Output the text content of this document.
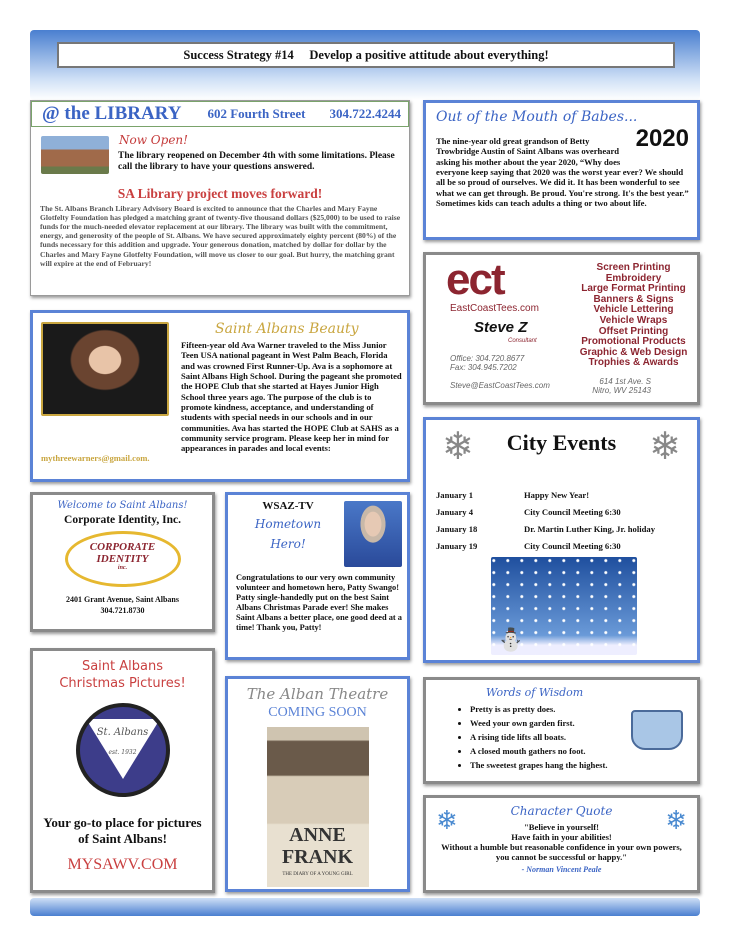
Success Strategy #14     Develop a positive attitude about everything!
@ the LIBRARY 602 Fourth Street 304.722.4244
Now Open!

The library reopened on December 4th with some limitations. Please call the library to have your questions answered.

SA Library project moves forward!

The St. Albans Branch Library Advisory Board is excited to announce that the Charles and Mary Fayne Glotfelty Foundation has pledged a matching grant of twenty-five thousand dollars ($25,000) to be used to raise funds for the much-needed elevator replacement at our library. The library was built with the commitment, energy, and generosity of the people of St. Albans. We have secured approximately eighty percent (80%) of the funds necessary for this addition and upgrade. Your generous donation, matched by dollar for dollar by the Charles and Mary Fayne Glotfelty Foundation, will move us closer to our goal. But hurry, the matching grant will expire at the end of February!

Out of the Mouth of Babes...
2020

The nine-year old great grandson of Betty Trowbridge Austin of Saint Albans was overheard asking his mother about the year 2020, “Why does everyone keep saying that 2020 was the worst year ever? We should all be so proud of ourselves. We did it. It has been wonderful to see what we can get through. Be proud. You're strong. It's the best year.” Sometimes kids can teach adults a thing or two about life.

ect
EastCoastTees.com
Steve Z
Consultant
Office: 304.720.8677
Fax: 304.945.7202
Steve@EastCoastTees.com
Screen Printing
Embroidery
Large Format Printing
Banners & Signs
Vehicle Lettering
Vehicle Wraps
Offset Printing
Promotional Products
Graphic & Web Design
Trophies & Awards
614 1st Ave. S
Nitro, WV 25143
Saint Albans Beauty

Fifteen-year old Ava Warner traveled to the Miss Junior Teen USA national pageant in West Palm Beach, Florida and was crowned First Runner-Up. Ava is a sophomore at Saint Albans High School. During the pageant she promoted the HOPE Club that she started at Hayes Junior High School three years ago. The purpose of the club is to promote kindness, acceptance, and understanding of students with special needs in our schools and in our communities. Ava has started the HOPE Club at SAHS as a community service program. Please keep her in mind for appearances in parades and local events: mythreewarners@gmail.com.	❄	❄
City Events
January 1	Happy New Year!
January 4	City Council Meeting 6:30
January 18	Dr. Martin Luther King, Jr. holiday
January 19	City Council Meeting 6:30
⛄
Welcome to Saint Albans!
Corporate Identity, Inc.
CORPORATE
IDENTITY
inc.
2401 Grant Avenue, Saint Albans
304.721.8730
WSAZ-TV
Hometown
Hero!

Congratulations to our very own community volunteer and hometown hero, Patty Swango! Patty single-handedly put on the best Saint Albans Christmas Parade ever! She makes Saint Albans a better place, one good deed at a time! Thank you, Patty!

Saint Albans
Christmas Pictures!
St. Albans
est. 1932

Your go-to place for pictures of Saint Albans!

MYSAWV.COM
The Alban Theatre
COMING SOON
ANNE
FRANK
THE DIARY OF A YOUNG GIRL
Words of Wisdom
• Pretty is as pretty does.
• Weed your own garden first.
• A rising tide lifts all boats.
• A closed mouth gathers no foot.
• The sweetest grapes hang the highest.
❄	❄
Character Quote
"Believe in yourself!
Have faith in your abilities!
Without a humble but reasonable confidence in your own powers, you cannot be successful or happy."
- Norman Vincent Peale
